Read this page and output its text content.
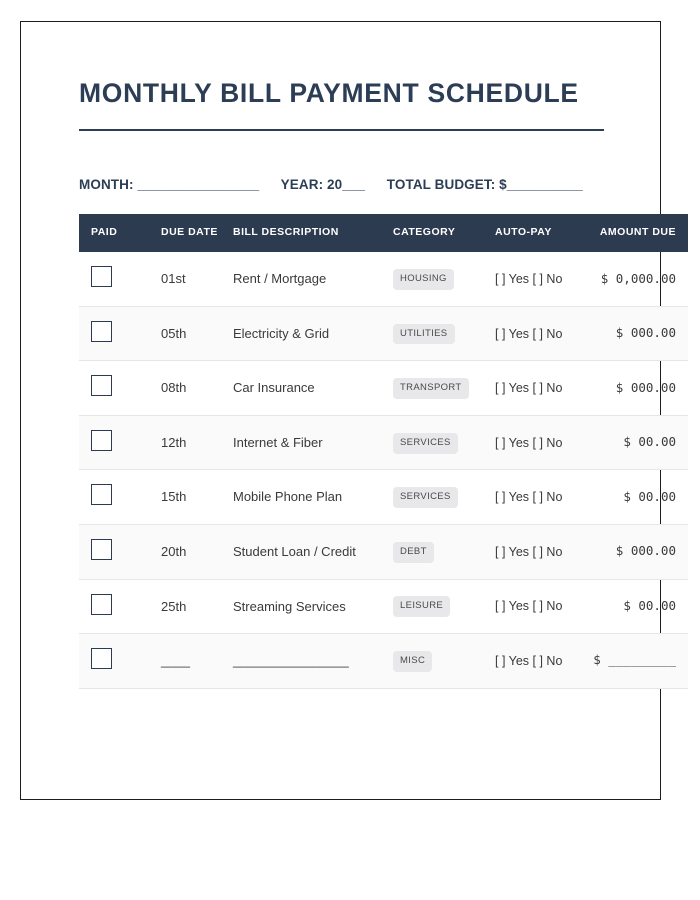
MONTHLY BILL PAYMENT SCHEDULE
MONTH: ________________ YEAR: 20___ TOTAL BUDGET: $__________
PAID	DUE DATE	BILL DESCRIPTION	CATEGORY	AUTO-PAY	AMOUNT DUE
	01st	Rent / Mortgage	HOUSING	[ ] Yes [ ] No	$ 0,000.00
	05th	Electricity & Grid	UTILITIES	[ ] Yes [ ] No	$ 000.00
	08th	Car Insurance	TRANSPORT	[ ] Yes [ ] No	$ 000.00
	12th	Internet & Fiber	SERVICES	[ ] Yes [ ] No	$ 00.00
	15th	Mobile Phone Plan	SERVICES	[ ] Yes [ ] No	$ 00.00
	20th	Student Loan / Credit	DEBT	[ ] Yes [ ] No	$ 000.00
	25th	Streaming Services	LEISURE	[ ] Yes [ ] No	$ 00.00
	____	________________	MISC	[ ] Yes [ ] No	$ _________
